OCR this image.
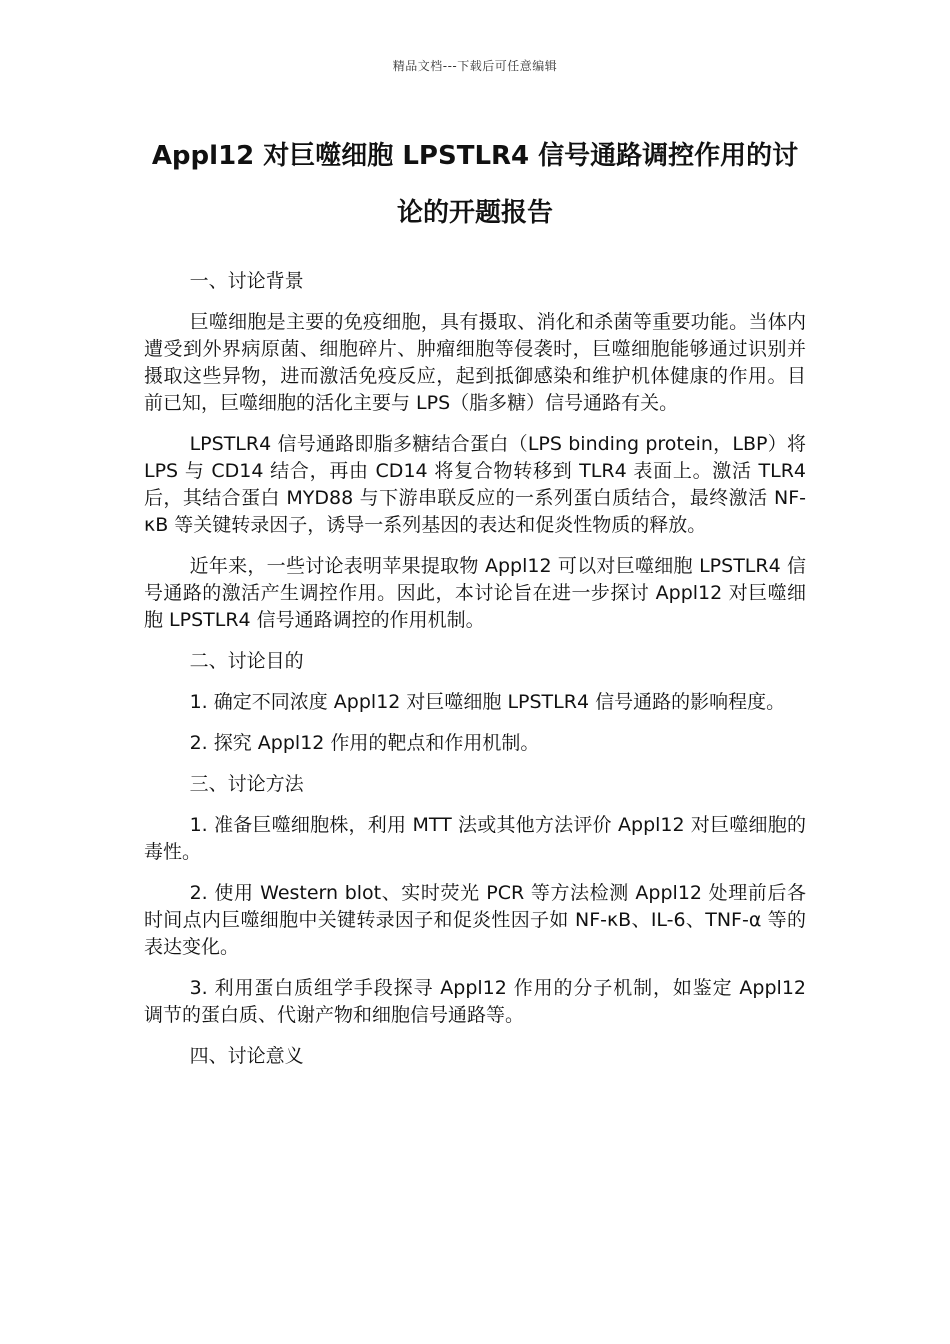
精品文档---下载后可任意编辑
Appl12 对巨噬细胞 LPSTLR4 信号通路调控作用的讨论的开题报告

一、讨论背景

巨噬细胞是主要的免疫细胞，具有摄取、消化和杀菌等重要功能。当体内遭受到外界病原菌、细胞碎片、肿瘤细胞等侵袭时，巨噬细胞能够通过识别并摄取这些异物，进而激活免疫反应，起到抵御感染和维护机体健康的作用。目前已知，巨噬细胞的活化主要与 LPS（脂多糖）信号通路有关。

LPSTLR4 信号通路即脂多糖结合蛋白（LPS binding protein，LBP）将 LPS 与 CD14 结合，再由 CD14 将复合物转移到 TLR4 表面上。激活 TLR4 后，其结合蛋白 MYD88 与下游串联反应的一系列蛋白质结合，最终激活 NF-κB 等关键转录因子，诱导一系列基因的表达和促炎性物质的释放。

近年来，一些讨论表明苹果提取物 Appl12 可以对巨噬细胞 LPSTLR4 信号通路的激活产生调控作用。因此，本讨论旨在进一步探讨 Appl12 对巨噬细胞 LPSTLR4 信号通路调控的作用机制。

二、讨论目的

1. 确定不同浓度 Appl12 对巨噬细胞 LPSTLR4 信号通路的影响程度。

2. 探究 Appl12 作用的靶点和作用机制。

三、讨论方法

1. 准备巨噬细胞株，利用 MTT 法或其他方法评价 Appl12 对巨噬细胞的毒性。

2. 使用 Western blot、实时荧光 PCR 等方法检测 Appl12 处理前后各时间点内巨噬细胞中关键转录因子和促炎性因子如 NF-κB、IL-6、TNF-α 等的表达变化。

3. 利用蛋白质组学手段探寻 Appl12 作用的分子机制，如鉴定 Appl12 调节的蛋白质、代谢产物和细胞信号通路等。

四、讨论意义
